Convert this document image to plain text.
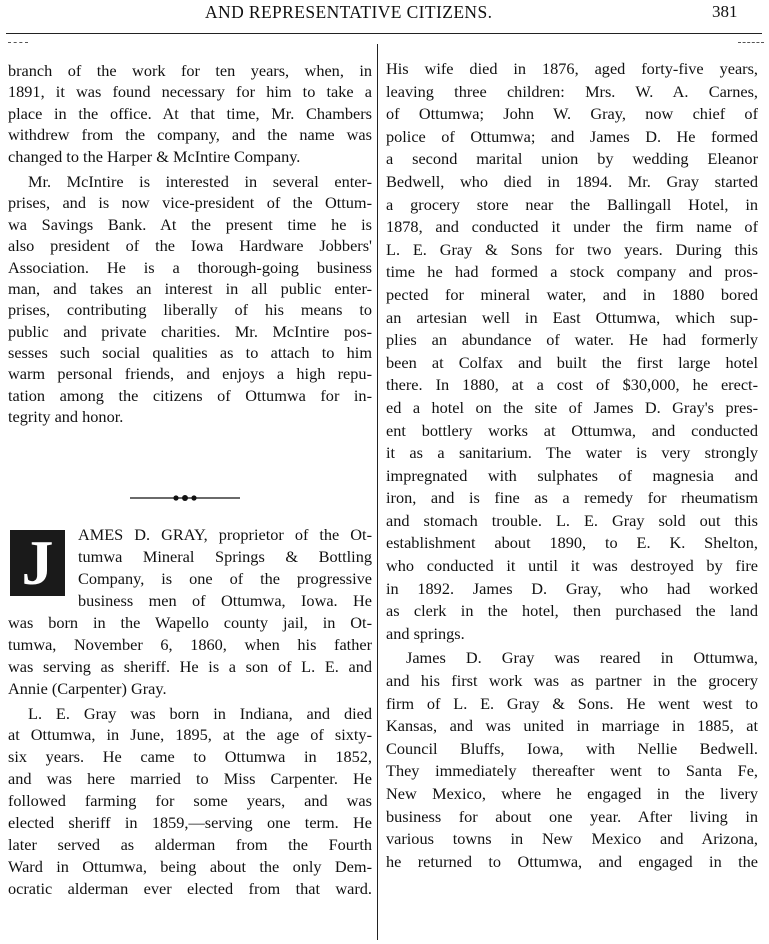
AND REPRESENTATIVE CITIZENS.	381
branch of the work for ten years, when, in
1891, it was found necessary for him to take a
place in the office. At that time, Mr. Chambers
withdrew from the company, and the name was
changed to the Harper & McIntire Company.
Mr. McIntire is interested in several enter-
prises, and is now vice-president of the Ottum-
wa Savings Bank. At the present time he is
also president of the Iowa Hardware Jobbers'
Association. He is a thorough-going business
man, and takes an interest in all public enter-
prises, contributing liberally of his means to
public and private charities. Mr. McIntire pos-
sesses such social qualities as to attach to him
warm personal friends, and enjoys a high repu-
tation among the citizens of Ottumwa for in-
tegrity and honor.
J	AMES D. GRAY, proprietor of the Ot-
tumwa Mineral Springs & Bottling
Company, is one of the progressive
business men of Ottumwa, Iowa. He
was born in the Wapello county jail, in Ot-
tumwa, November 6, 1860, when his father
was serving as sheriff. He is a son of L. E. and
Annie (Carpenter) Gray.
L. E. Gray was born in Indiana, and died
at Ottumwa, in June, 1895, at the age of sixty-
six years. He came to Ottumwa in 1852,
and was here married to Miss Carpenter. He
followed farming for some years, and was
elected sheriff in 1859,—serving one term. He
later served as alderman from the Fourth
Ward in Ottumwa, being about the only Dem-
ocratic alderman ever elected from that ward.
His wife died in 1876, aged forty-five years,
leaving three children: Mrs. W. A. Carnes,
of Ottumwa; John W. Gray, now chief of
police of Ottumwa; and James D. He formed
a second marital union by wedding Eleanor
Bedwell, who died in 1894. Mr. Gray started
a grocery store near the Ballingall Hotel, in
1878, and conducted it under the firm name of
L. E. Gray & Sons for two years. During this
time he had formed a stock company and pros-
pected for mineral water, and in 1880 bored
an artesian well in East Ottumwa, which sup-
plies an abundance of water. He had formerly
been at Colfax and built the first large hotel
there. In 1880, at a cost of $30,000, he erect-
ed a hotel on the site of James D. Gray's pres-
ent bottlery works at Ottumwa, and conducted
it as a sanitarium. The water is very strongly
impregnated with sulphates of magnesia and
iron, and is fine as a remedy for rheumatism
and stomach trouble. L. E. Gray sold out this
establishment about 1890, to E. K. Shelton,
who conducted it until it was destroyed by fire
in 1892. James D. Gray, who had worked
as clerk in the hotel, then purchased the land
and springs.
James D. Gray was reared in Ottumwa,
and his first work was as partner in the grocery
firm of L. E. Gray & Sons. He went west to
Kansas, and was united in marriage in 1885, at
Council Bluffs, Iowa, with Nellie Bedwell.
They immediately thereafter went to Santa Fe,
New Mexico, where he engaged in the livery
business for about one year. After living in
various towns in New Mexico and Arizona,
he returned to Ottumwa, and engaged in the
